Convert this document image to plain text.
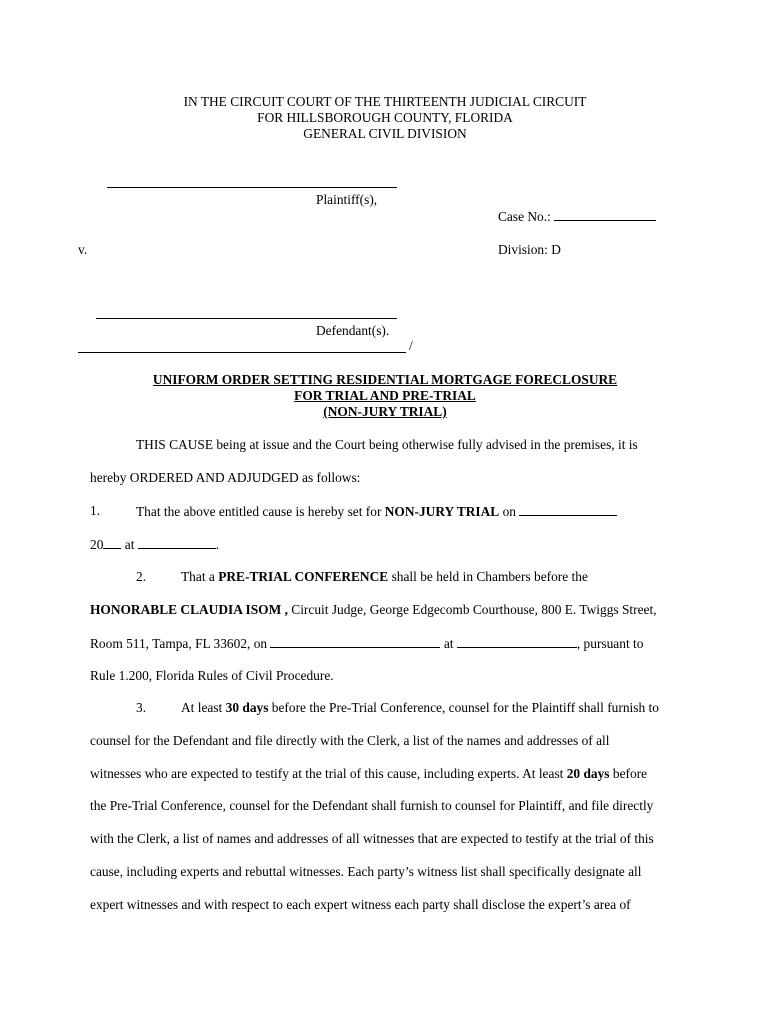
IN THE CIRCUIT COURT OF THE THIRTEENTH JUDICIAL CIRCUIT
FOR HILLSBOROUGH COUNTY, FLORIDA
GENERAL CIVIL DIVISION
Plaintiff(s),
Case No.:
v.	Division: D
Defendant(s).
/
UNIFORM ORDER SETTING RESIDENTIAL MORTGAGE FORECLOSURE
FOR TRIAL AND PRE-TRIAL
(NON-JURY TRIAL)
THIS CAUSE being at issue and the Court being otherwise fully advised in the premises, it is
hereby ORDERED AND ADJUDGED as follows:
1.	That the above entitled cause is hereby set for NON-JURY TRIAL on
20 at	.
2.	That a PRE-TRIAL CONFERENCE shall be held in Chambers before the
HONORABLE CLAUDIA ISOM , Circuit Judge, George Edgecomb Courthouse, 800 E. Twiggs Street,
Room 511, Tampa, FL 33602, on	at	, pursuant to
Rule 1.200, Florida Rules of Civil Procedure.
3.	At least 30 days before the Pre-Trial Conference, counsel for the Plaintiff shall furnish to
counsel for the Defendant and file directly with the Clerk, a list of the names and addresses of all
witnesses who are expected to testify at the trial of this cause, including experts. At least 20 days before
the Pre-Trial Conference, counsel for the Defendant shall furnish to counsel for Plaintiff, and file directly
with the Clerk, a list of names and addresses of all witnesses that are expected to testify at the trial of this
cause, including experts and rebuttal witnesses. Each party’s witness list shall specifically designate all
expert witnesses and with respect to each expert witness each party shall disclose the expert’s area of
